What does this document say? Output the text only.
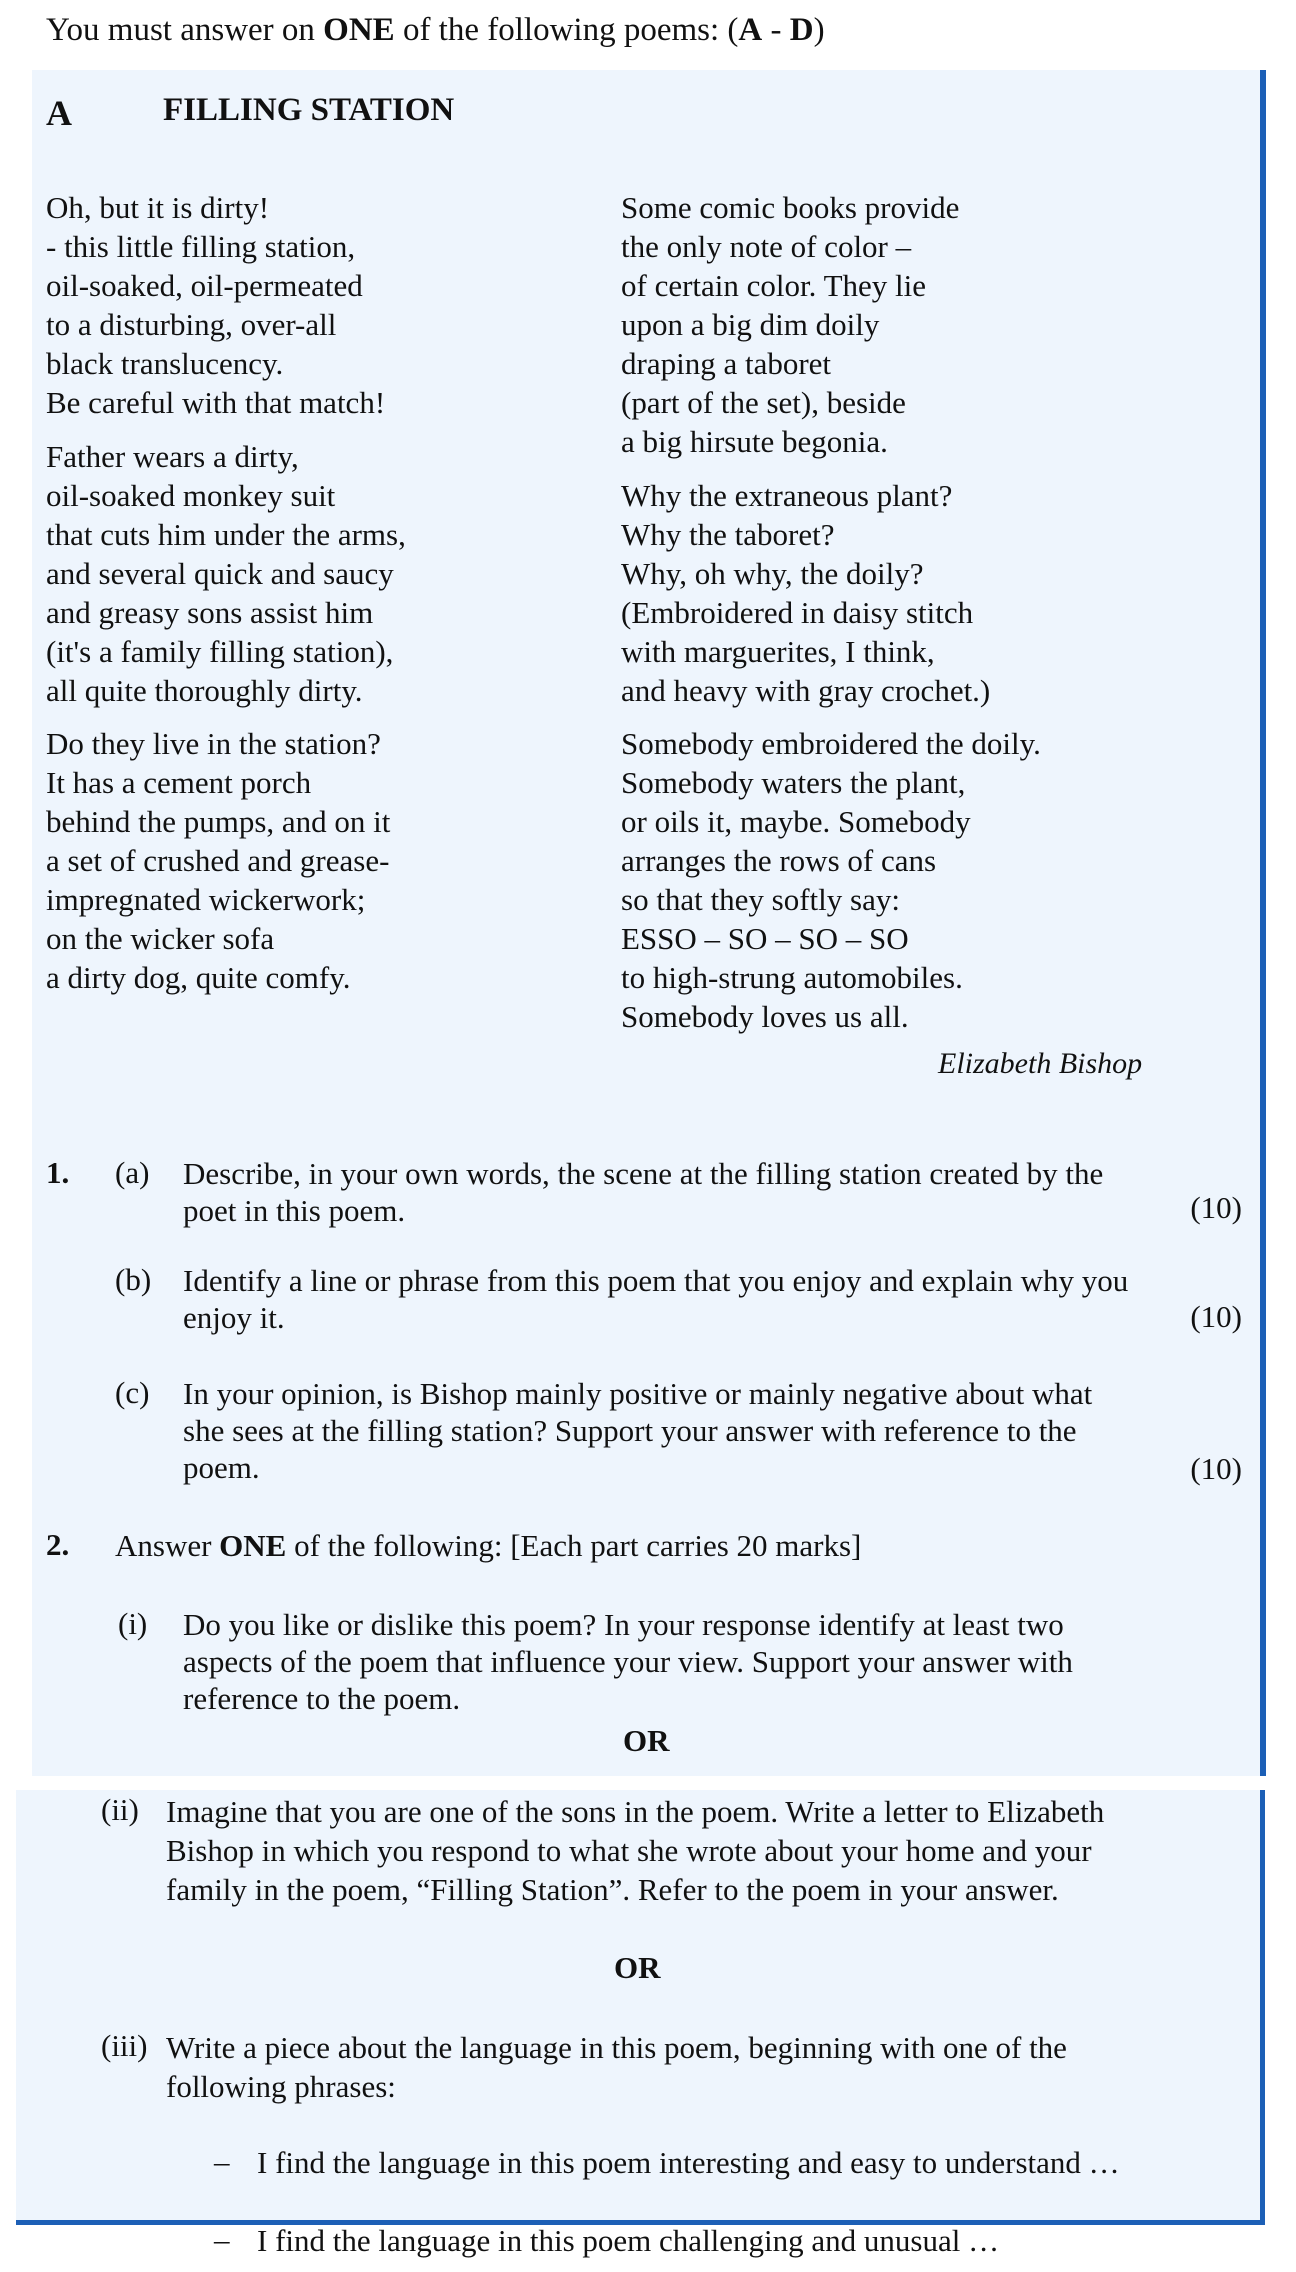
You must answer on ONE of the following poems: (A - D)
A	FILLING STATION
Oh, but it is dirty!
- this little filling station,
oil-soaked, oil-permeated
to a disturbing, over-all
black translucency.
Be careful with that match!
Father wears a dirty,
oil-soaked monkey suit
that cuts him under the arms,
and several quick and saucy
and greasy sons assist him
(it's a family filling station),
all quite thoroughly dirty.
Do they live in the station?
It has a cement porch
behind the pumps, and on it
a set of crushed and grease-
impregnated wickerwork;
on the wicker sofa
a dirty dog, quite comfy.
Some comic books provide
the only note of color –
of certain color. They lie
upon a big dim doily
draping a taboret
(part of the set), beside
a big hirsute begonia.
Why the extraneous plant?
Why the taboret?
Why, oh why, the doily?
(Embroidered in daisy stitch
with marguerites, I think,
and heavy with gray crochet.)
Somebody embroidered the doily.
Somebody waters the plant,
or oils it, maybe. Somebody
arranges the rows of cans
so that they softly say:
ESSO – SO – SO – SO
to high-strung automobiles.
Somebody loves us all.
Elizabeth Bishop
1. (a) Describe, in your own words, the scene at the filling station created by the
poet in this poem.	(10)
(b) Identify a line or phrase from this poem that you enjoy and explain why you
enjoy it.	(10)
(c) In your opinion, is Bishop mainly positive or mainly negative about what
she sees at the filling station? Support your answer with reference to the
poem.	(10)
2. Answer ONE of the following: [Each part carries 20 marks]
(i) Do you like or dislike this poem? In your response identify at least two
aspects of the poem that influence your view. Support your answer with
reference to the poem.
OR
(ii) Imagine that you are one of the sons in the poem. Write a letter to Elizabeth
Bishop in which you respond to what she wrote about your home and your
family in the poem, “Filling Station”. Refer to the poem in your answer.
OR
(iii) Write a piece about the language in this poem, beginning with one of the
following phrases:
– I find the language in this poem interesting and easy to understand …
– I find the language in this poem challenging and unusual …
